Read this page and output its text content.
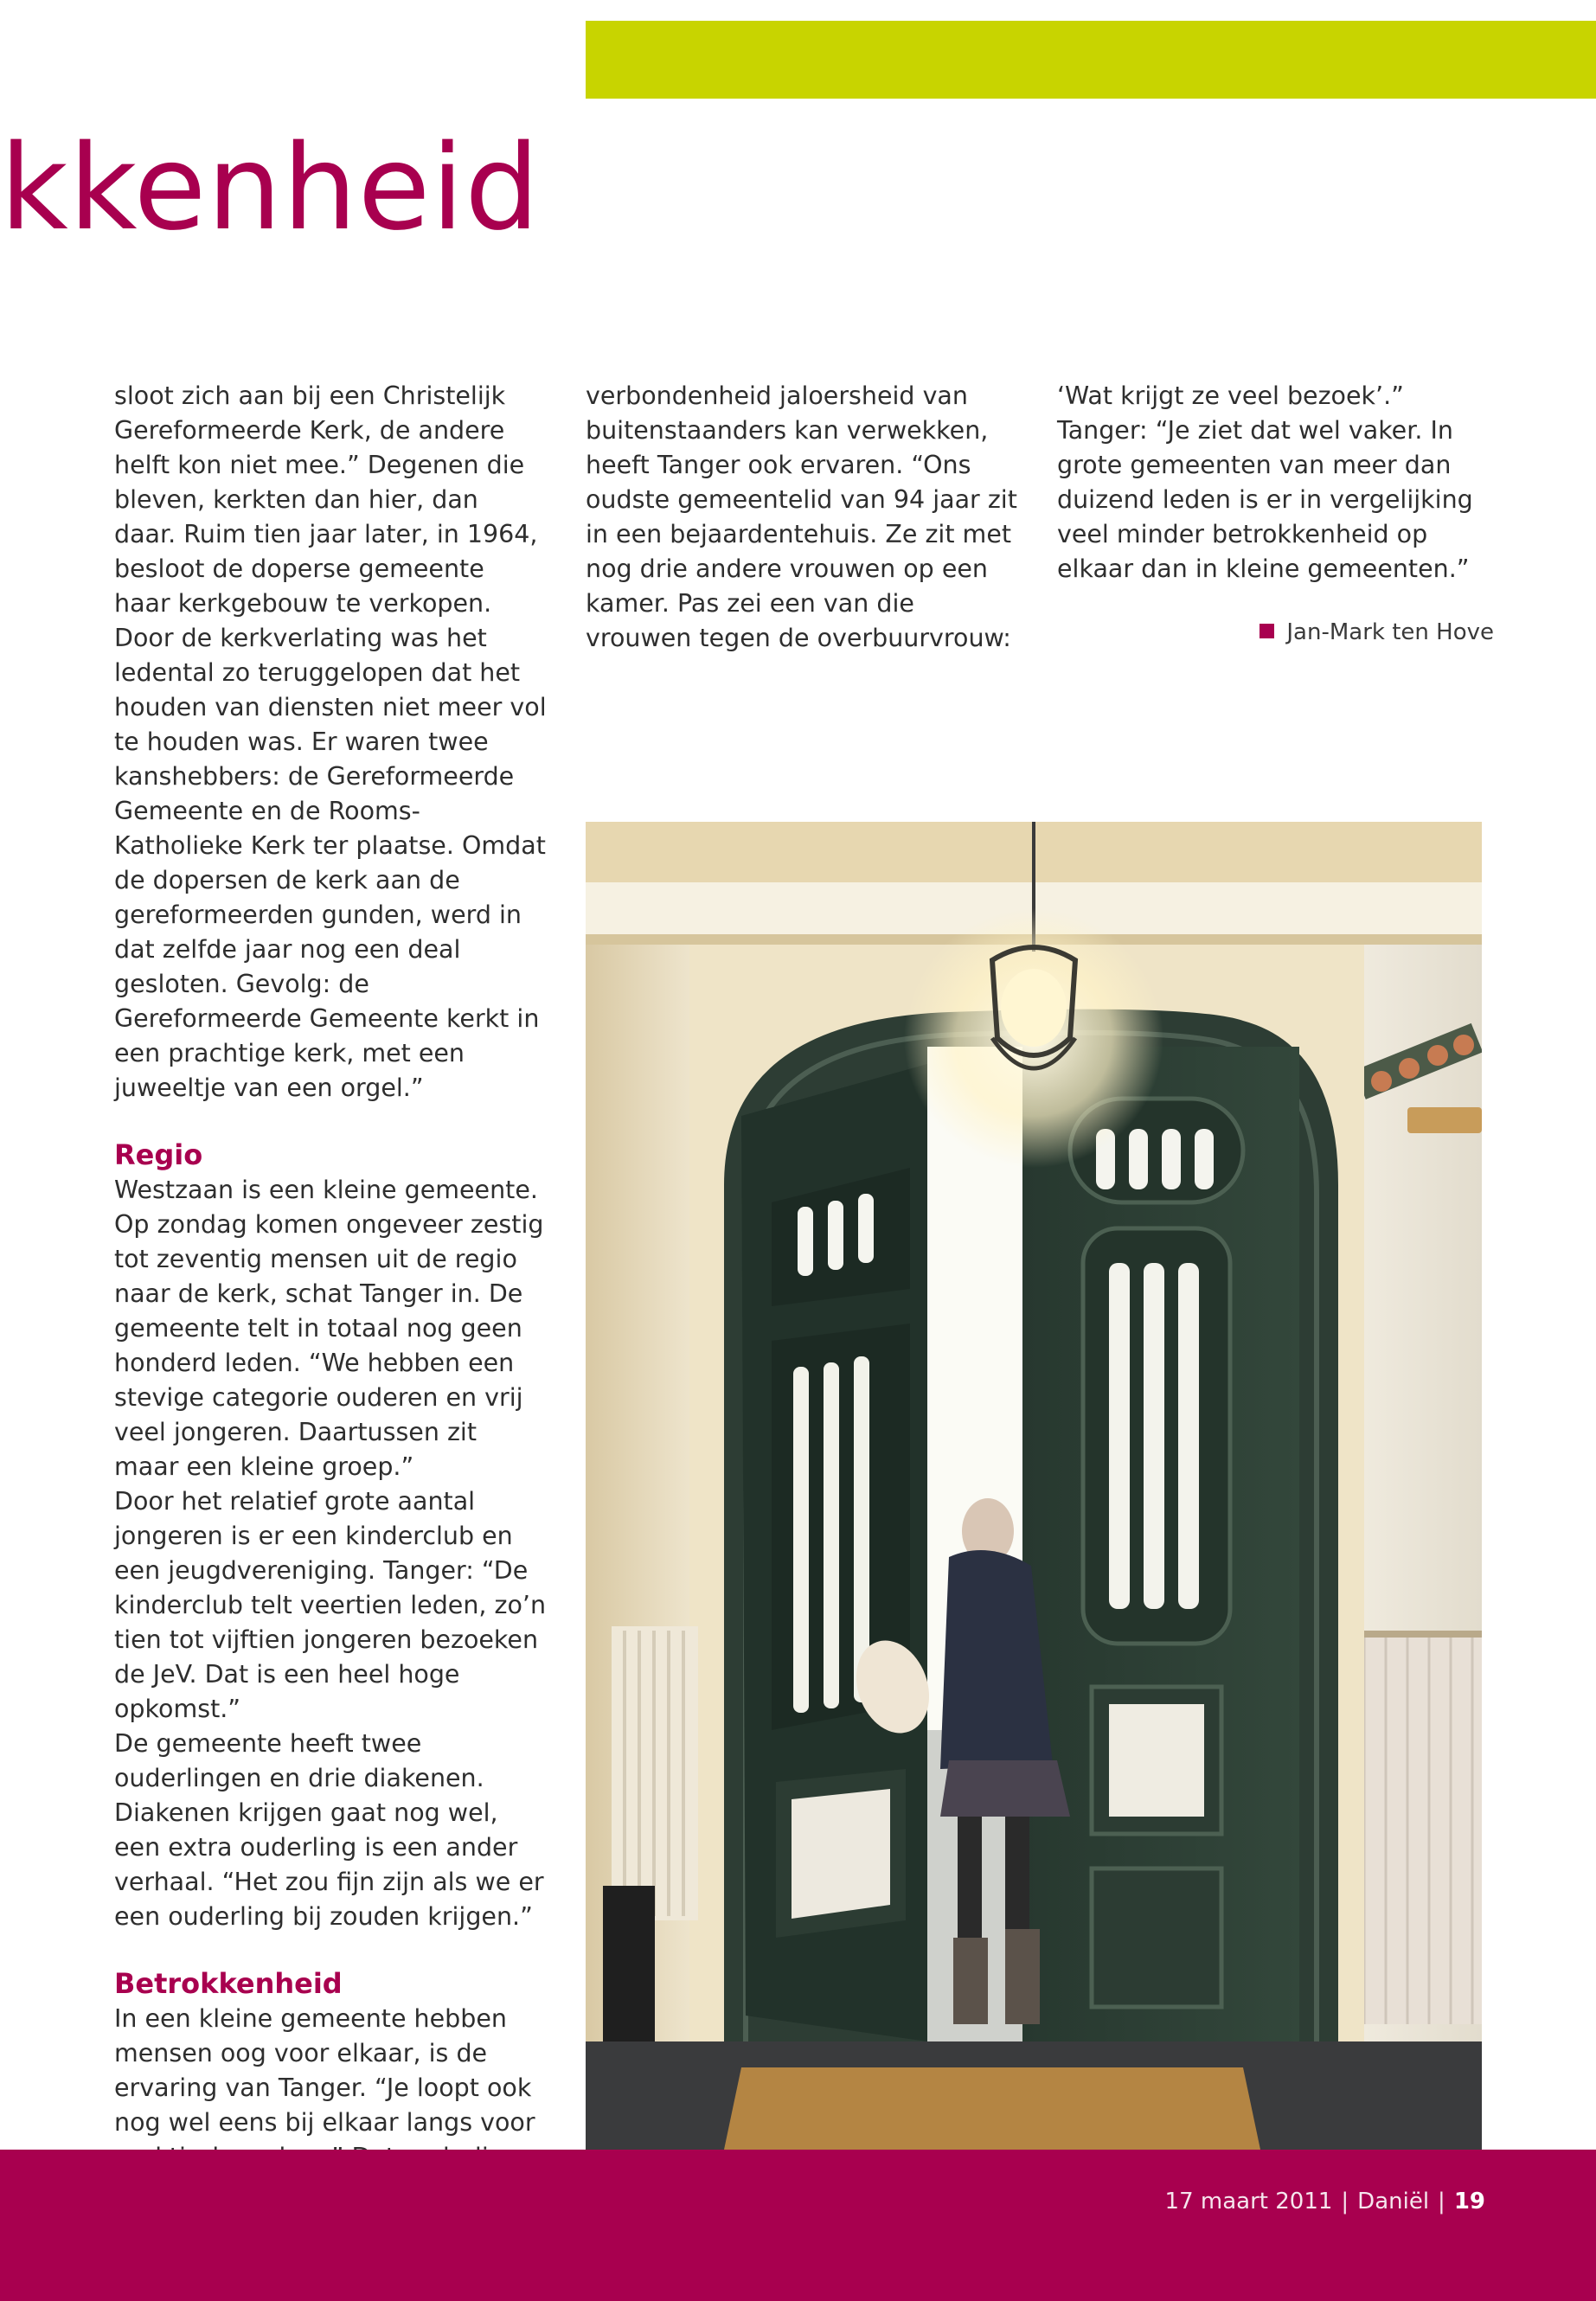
kkenheid

sloot zich aan bij een Christelijk Gereformeerde Kerk, de andere helft kon niet mee.” Degenen die bleven, kerkten dan hier, dan daar. Ruim tien jaar later, in 1964, besloot de doperse gemeente haar kerkgebouw te verkopen. Door de kerkverlating was het ledental zo teruggelopen dat het houden van diensten niet meer vol te houden was. Er waren twee kanshebbers: de Gereformeerde Gemeente en de Rooms-Katholieke Kerk ter plaatse. Omdat de dopersen de kerk aan de gereformeerden gunden, werd in dat zelfde jaar nog een deal gesloten. Gevolg: de Gereformeerde Gemeente kerkt in een prachtige kerk, met een juweeltje van een orgel.”

Regio

Westzaan is een kleine gemeente. Op zondag komen ongeveer zestig tot zeventig mensen uit de regio naar de kerk, schat Tanger in. De gemeente telt in totaal nog geen honderd leden. “We hebben een stevige categorie ouderen en vrij veel jongeren. Daartussen zit maar een kleine groep.”

Door het relatief grote aantal jongeren is er een kinderclub en een jeugdvereniging. Tanger: “De kinderclub telt veertien leden, zo’n tien tot vijftien jongeren bezoeken de JeV. Dat is een heel hoge opkomst.”

De gemeente heeft twee ouderlingen en drie diakenen. Diakenen krijgen gaat nog wel, een extra ouderling is een ander verhaal. “Het zou fijn zijn als we er een ouderling bij zouden krijgen.”

Betrokkenheid

In een kleine gemeente hebben mensen oog voor elkaar, is de ervaring van Tanger. “Je loopt ook nog wel eens bij elkaar langs voor

verbondenheid jaloersheid van buitenstaanders kan verwekken, heeft Tanger ook ervaren. “Ons oudste gemeentelid van 94 jaar zit in een bejaardentehuis. Ze zit met nog drie andere vrouwen op een kamer. Pas zei een van die vrouwen tegen de overbuurvrouw:

‘Wat krijgt ze veel bezoek’.” Tanger: “Je ziet dat wel vaker. In grote gemeenten van meer dan duizend leden is er in vergelijking veel minder betrokkenheid op elkaar dan in kleine gemeenten.”

Jan-Mark ten Hove
17 maart 2011 | Daniël | 19
